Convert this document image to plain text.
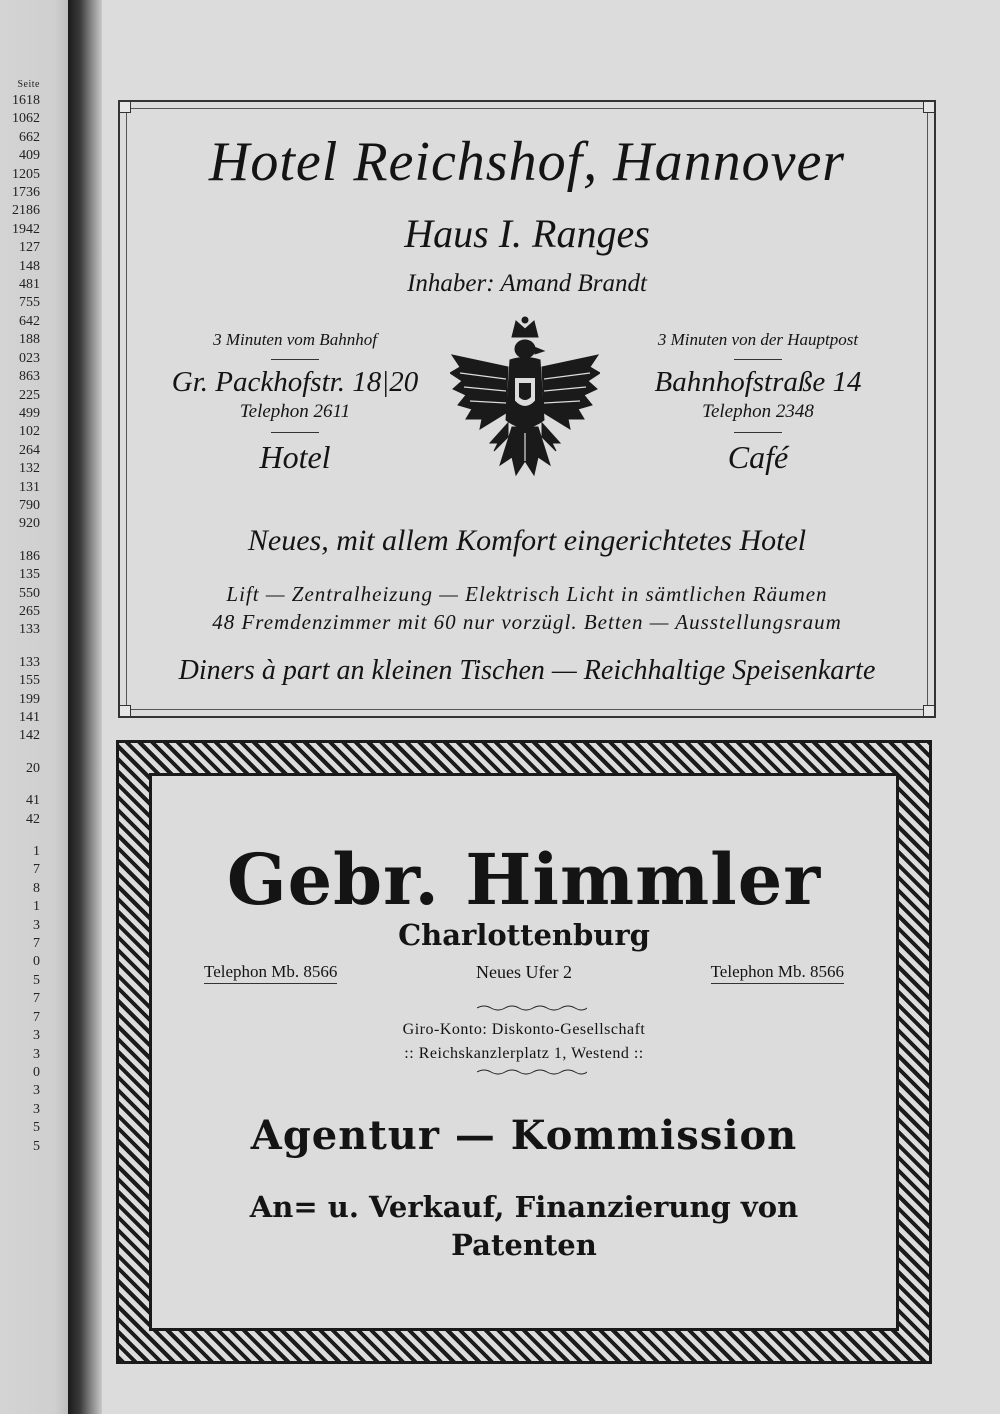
Seite
1618
1062
662
409
1205
1736
2186
1942
127
148
481
755
642
188
023
863
225
499
102
264
132
131
790
920
186
135
550
265
133
133
155
199
141
142
20
41
42
1
7
8
1
3
7
0
5
7
7
3
3
0
3
3
5
5
Hotel Reichshof, Hannover
Haus I. Ranges
Inhaber: Amand Brandt
3 Minuten vom Bahnhof
Gr. Packhofstr. 18|20
Telephon 2611
Hotel
3 Minuten von der Hauptpost
Bahnhofstraße 14
Telephon 2348
Café
Neues, mit allem Komfort eingerichtetes Hotel
Lift — Zentralheizung — Elektrisch Licht in sämtlichen Räumen
48 Fremdenzimmer mit 60 nur vorzügl. Betten — Ausstellungsraum
Diners à part an kleinen Tischen — Reichhaltige Speisenkarte
Gebr. Himmler
Charlottenburg
Telephon Mb. 8566	Neues Ufer 2	Telephon Mb. 8566
Giro-Konto: Diskonto-Gesellschaft
:: Reichskanzlerplatz 1, Westend ::
Agentur — Kommission
An= u. Verkauf, Finanzierung von
Patenten
